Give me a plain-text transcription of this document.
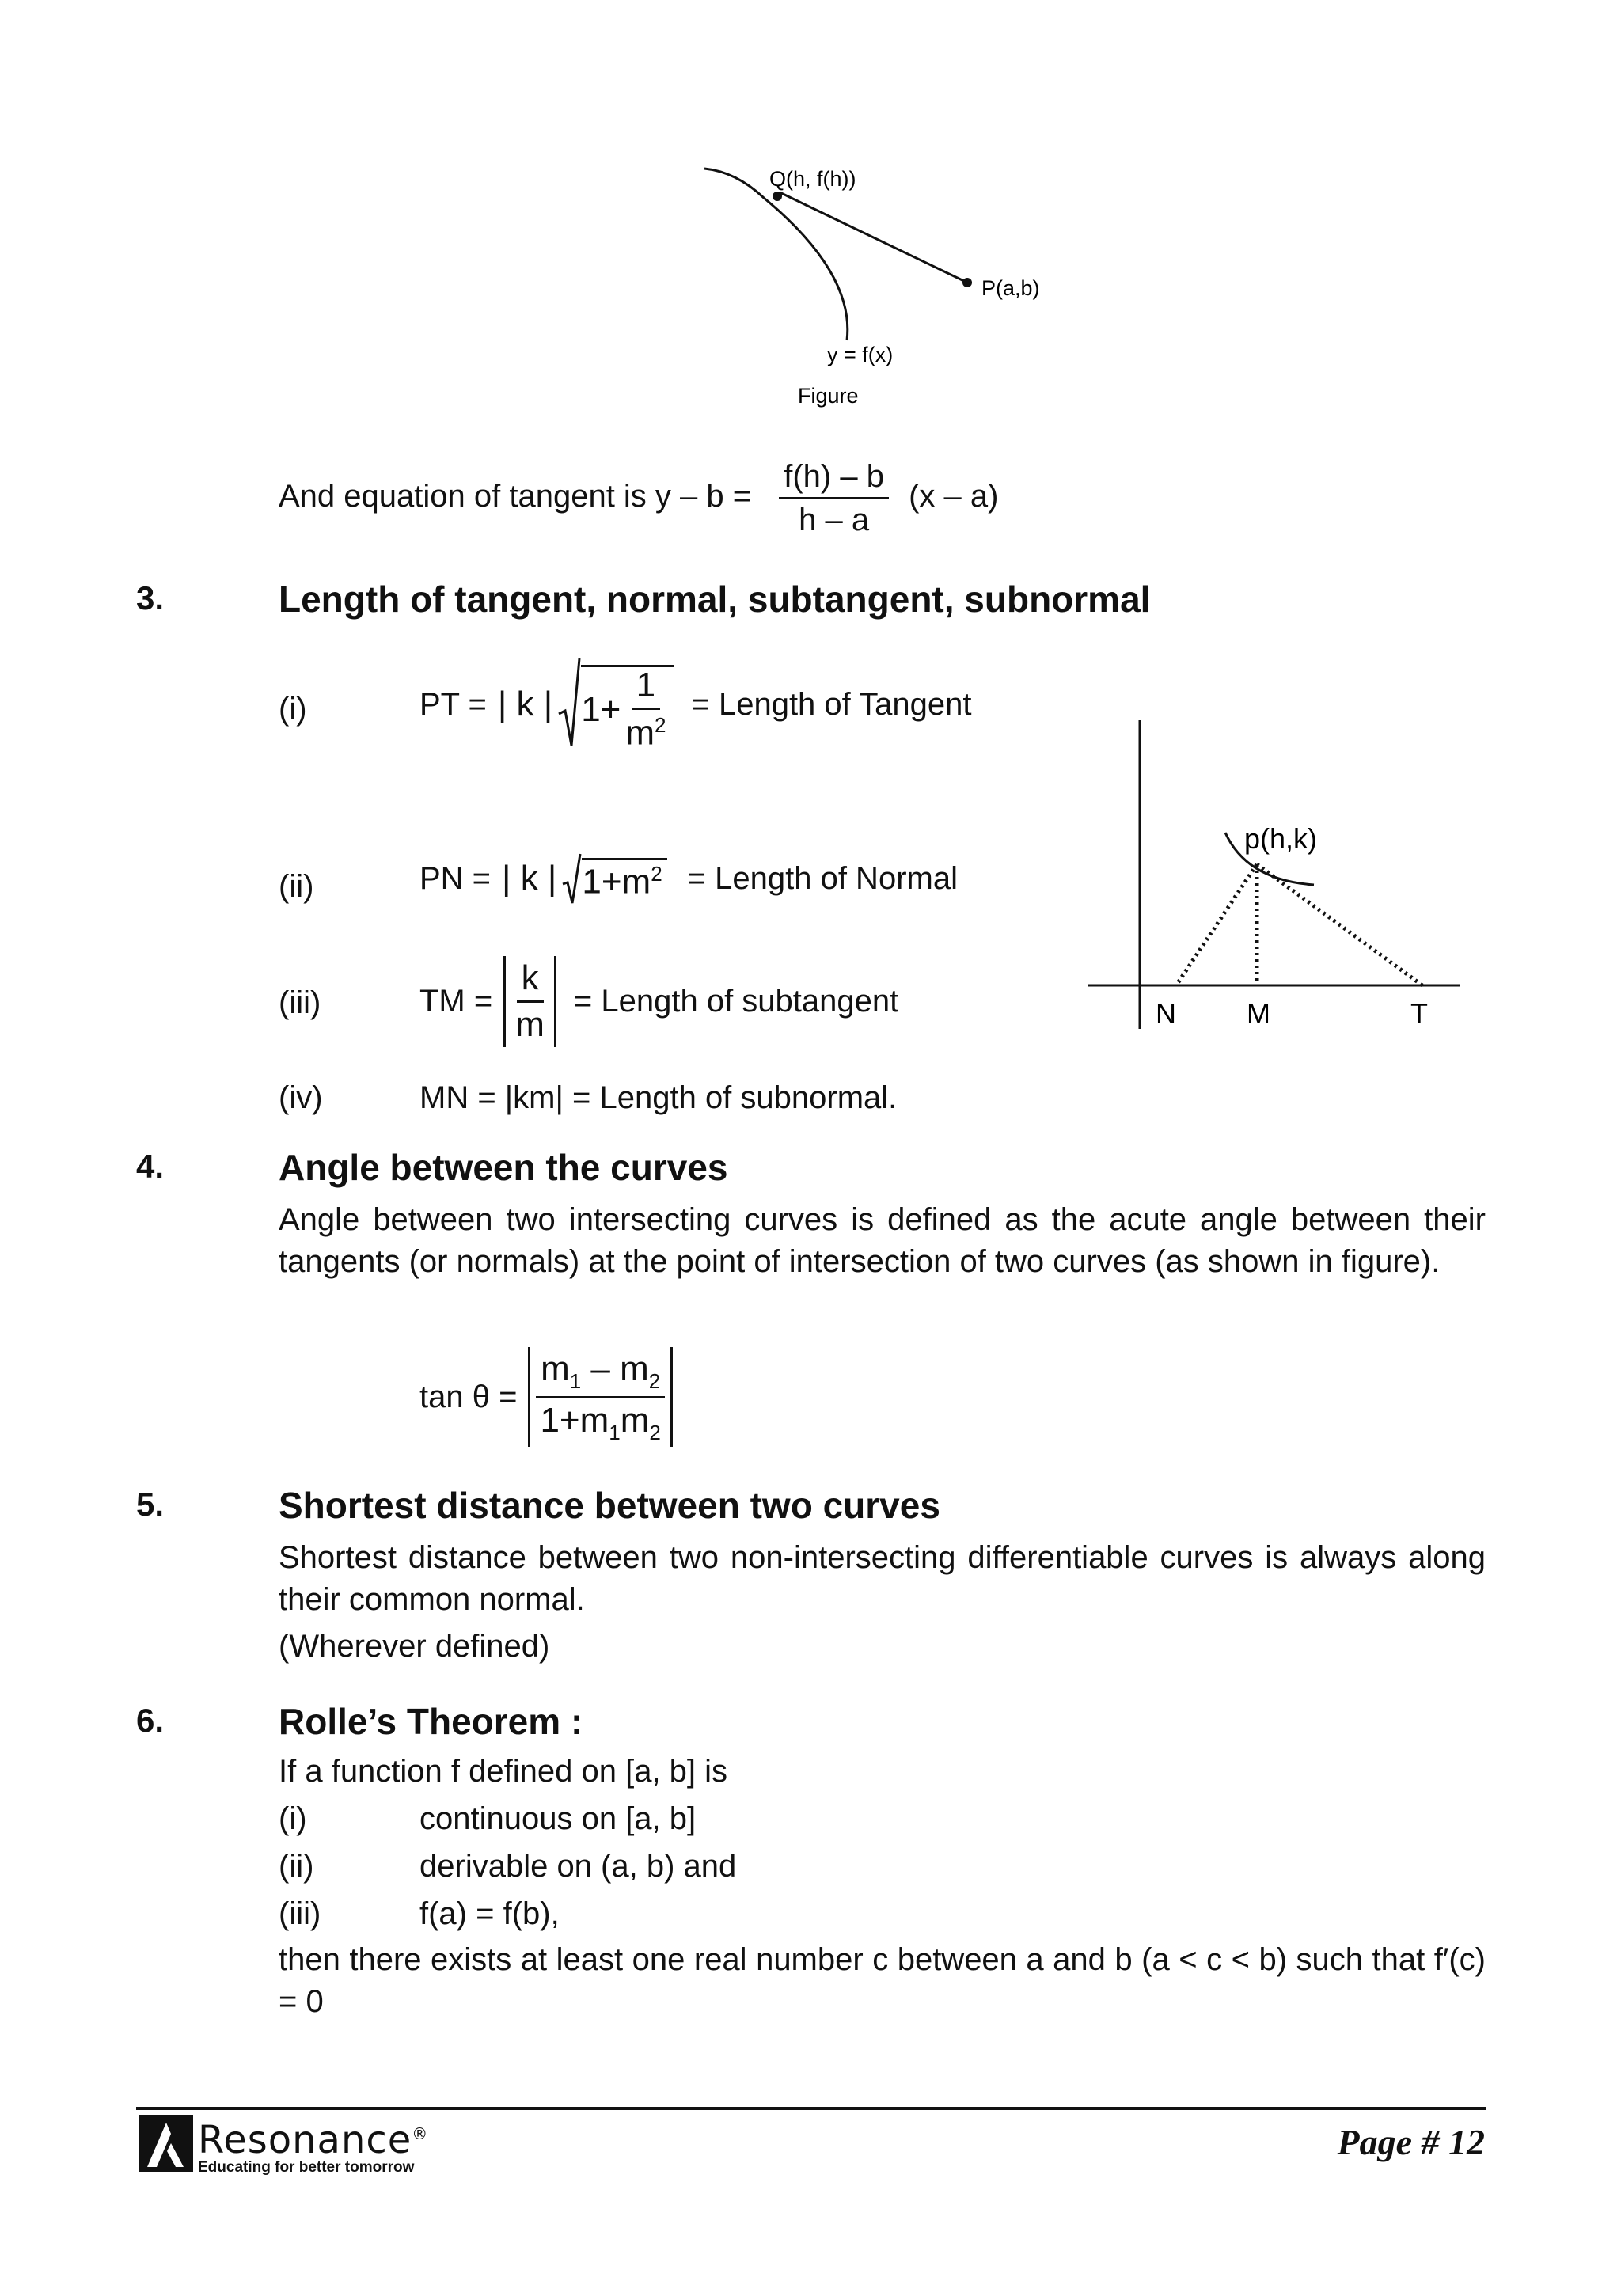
Q(h, f(h))
P(a,b)
y = f(x)
Figure
And equation of tangent is $y - b = \frac{f(h) - b}{h - a} (x - a)$
3.	Length of tangent, normal, subtangent, subnormal
(i)	PT = | k | $1+ \frac{1}{m^2}$ = Length of Tangent
(ii)	PN = | k | $1+m^2$ = Length of Normal
(iii)	TM = $\frac{k}{m}$ = Length of subtangent
(iv)	MN = |km| = Length of subnormal.
p(h,k)
N M	T
4.	Angle between the curves
Angle between two intersecting curves is defined as the acute angle between their tangents (or normals) at the point of intersection of two curves (as shown in figure).
$\tan \theta = \frac{m_1 - m_2}{1+m_1m_2}$
5.	Shortest distance between two curves
Shortest distance between two non-intersecting differentiable curves is always along their common normal.
(Wherever defined)
6.	Rolle’s Theorem :
If a function f defined on [a, b] is
(i)	continuous on [a, b]
(ii)	derivable on (a, b) and
(iii)	f(a) = f(b),
then there exists at least one real number c between a and b (a < c < b) such that f′(c) = 0
Resonance®
Educating for better tomorrow
Page # 12
